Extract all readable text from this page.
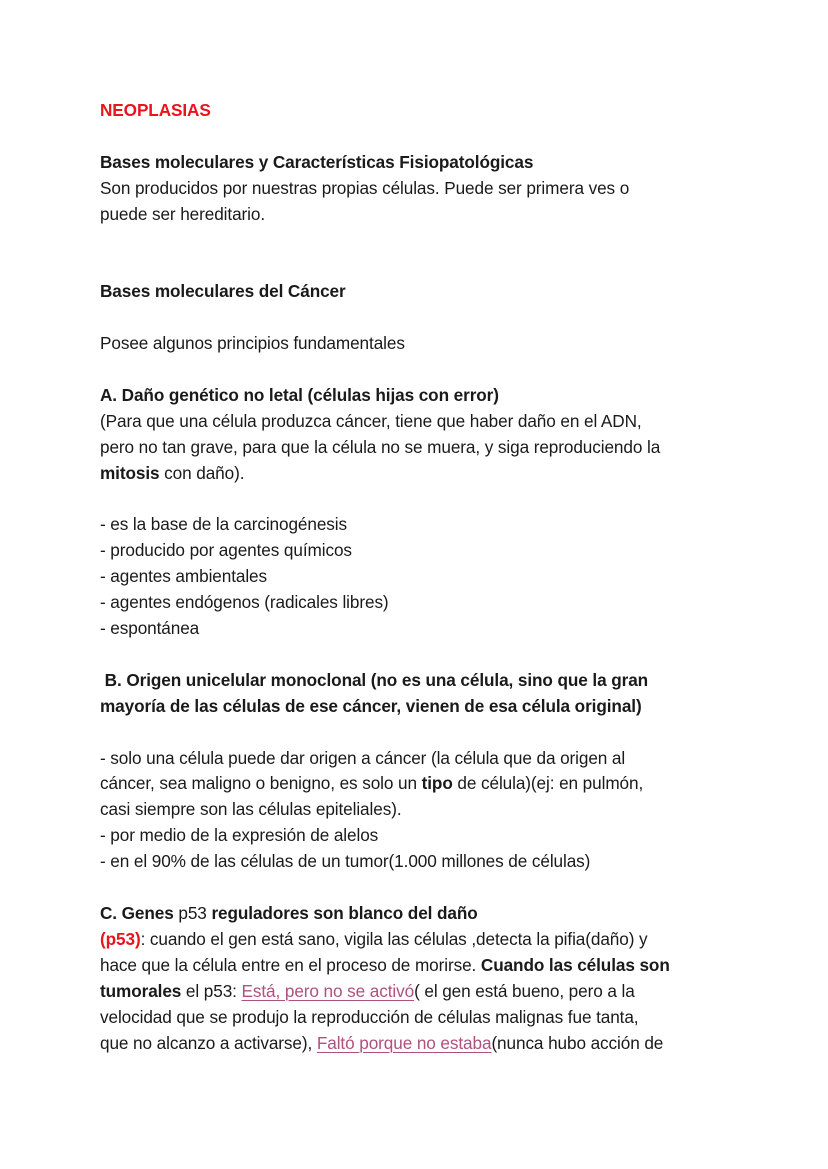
NEOPLASIAS

Bases moleculares y Características Fisiopatológicas

Son producidos por nuestras propias células. Puede ser primera ves o

puede ser hereditario.

Bases moleculares del Cáncer

Posee algunos principios fundamentales

A. Daño genético no letal (células hijas con error)

(Para que una célula produzca cáncer, tiene que haber daño en el ADN,

pero no tan grave, para que la célula no se muera, y siga reproduciendo la

mitosis con daño).

- es la base de la carcinogénesis

- producido por agentes químicos

- agentes ambientales

- agentes endógenos (radicales libres)

- espontánea

B. Origen unicelular monoclonal (no es una célula, sino que la gran

mayoría de las células de ese cáncer, vienen de esa célula original)

- solo una célula puede dar origen a cáncer (la célula que da origen al

cáncer, sea maligno o benigno, es solo un tipo de célula)(ej: en pulmón,

casi siempre son las células epiteliales).

- por medio de la expresión de alelos

- en el 90% de las células de un tumor(1.000 millones de células)

C. Genes p53 reguladores son blanco del daño

(p53): cuando el gen está sano, vigila las células ,detecta la pifia(daño) y

hace que la célula entre en el proceso de morirse. Cuando las células son

tumorales el p53: Está, pero no se activó( el gen está bueno, pero a la

velocidad que se produjo la reproducción de células malignas fue tanta,

que no alcanzo a activarse), Faltó porque no estaba(nunca hubo acción de
